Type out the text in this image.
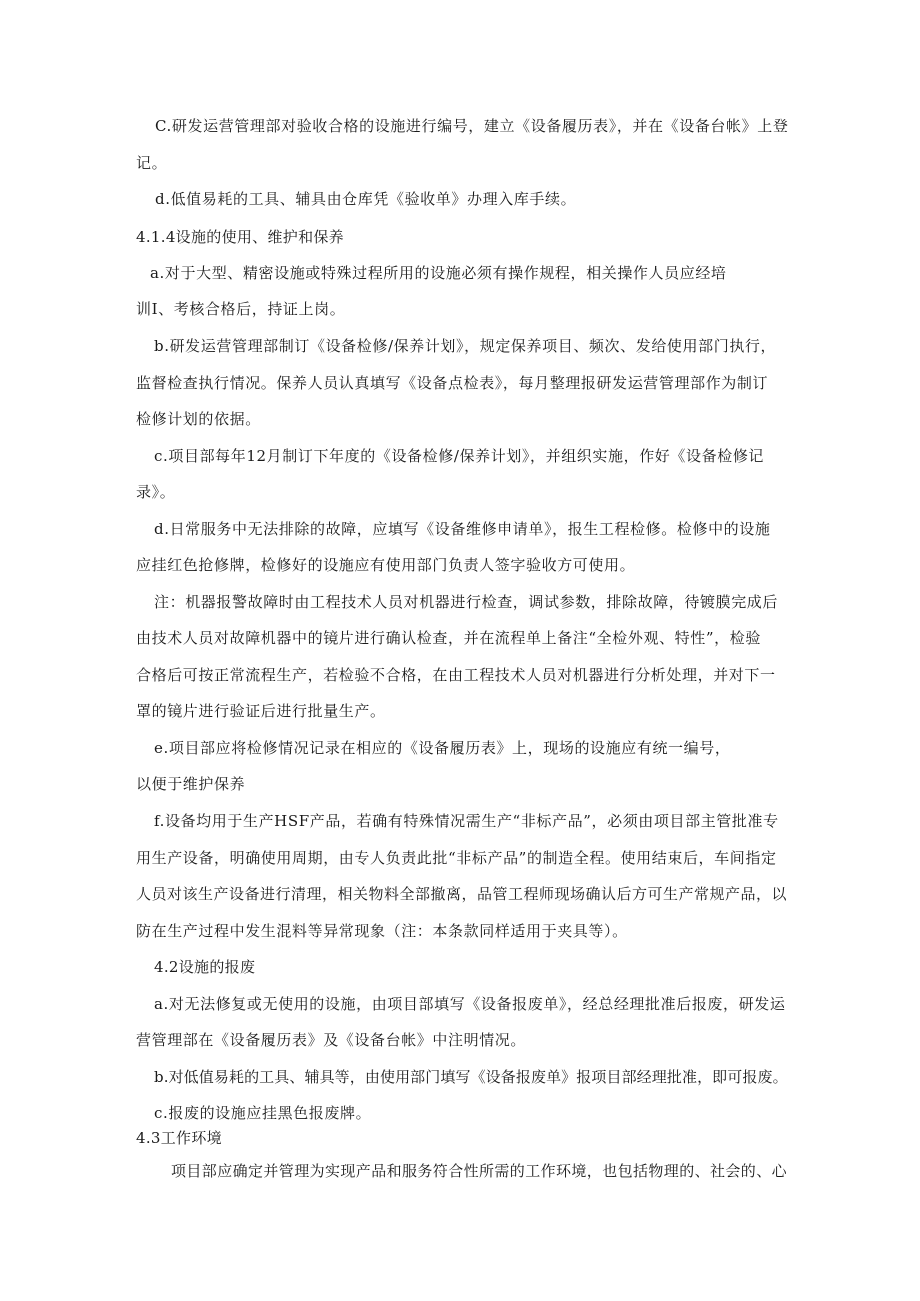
C.研发运营管理部对验收合格的设施进行编号，建立《设备履历表》，并在《设备台帐》上登
记。
d.低值易耗的工具、辅具由仓库凭《验收单》办理入库手续。
4.1.4设施的使用、维护和保养
a.对于大型、精密设施或特殊过程所用的设施必须有操作规程，相关操作人员应经培
训I、考核合格后，持证上岗。
b.研发运营管理部制订《设备检修/保养计划》，规定保养项目、频次、发给使用部门执行，
监督检查执行情况。保养人员认真填写《设备点检表》，每月整理报研发运营管理部作为制订
检修计划的依据。
c.项目部每年12月制订下年度的《设备检修/保养计划》，并组织实施，作好《设备检修记
录》。
d.日常服务中无法排除的故障，应填写《设备维修申请单》，报生工程检修。检修中的设施
应挂红色抢修牌，检修好的设施应有使用部门负责人签字验收方可使用。
注：机器报警故障时由工程技术人员对机器进行检查，调试参数，排除故障，待镀膜完成后
由技术人员对故障机器中的镜片进行确认检查，并在流程单上备注“全检外观、特性”，检验
合格后可按正常流程生产，若检验不合格，在由工程技术人员对机器进行分析处理，并对下一
罩的镜片进行验证后进行批量生产。
e.项目部应将检修情况记录在相应的《设备履历表》上，现场的设施应有统一编号，
以便于维护保养
f.设备均用于生产HSF产品，若确有特殊情况需生产“非标产品”，必须由项目部主管批准专
用生产设备，明确使用周期，由专人负责此批“非标产品”的制造全程。使用结束后，车间指定
人员对该生产设备进行清理，相关物料全部撤离，品管工程师现场确认后方可生产常规产品，以
防在生产过程中发生混料等异常现象（注：本条款同样适用于夹具等）。
4.2设施的报废
a.对无法修复或无使用的设施，由项目部填写《设备报废单》，经总经理批准后报废，研发运
营管理部在《设备履历表》及《设备台帐》中注明情况。
b.对低值易耗的工具、辅具等，由使用部门填写《设备报废单》报项目部经理批准，即可报废。
c.报废的设施应挂黑色报废牌。
4.3工作环境
项目部应确定并管理为实现产品和服务符合性所需的工作环境，也包括物理的、社会的、心
